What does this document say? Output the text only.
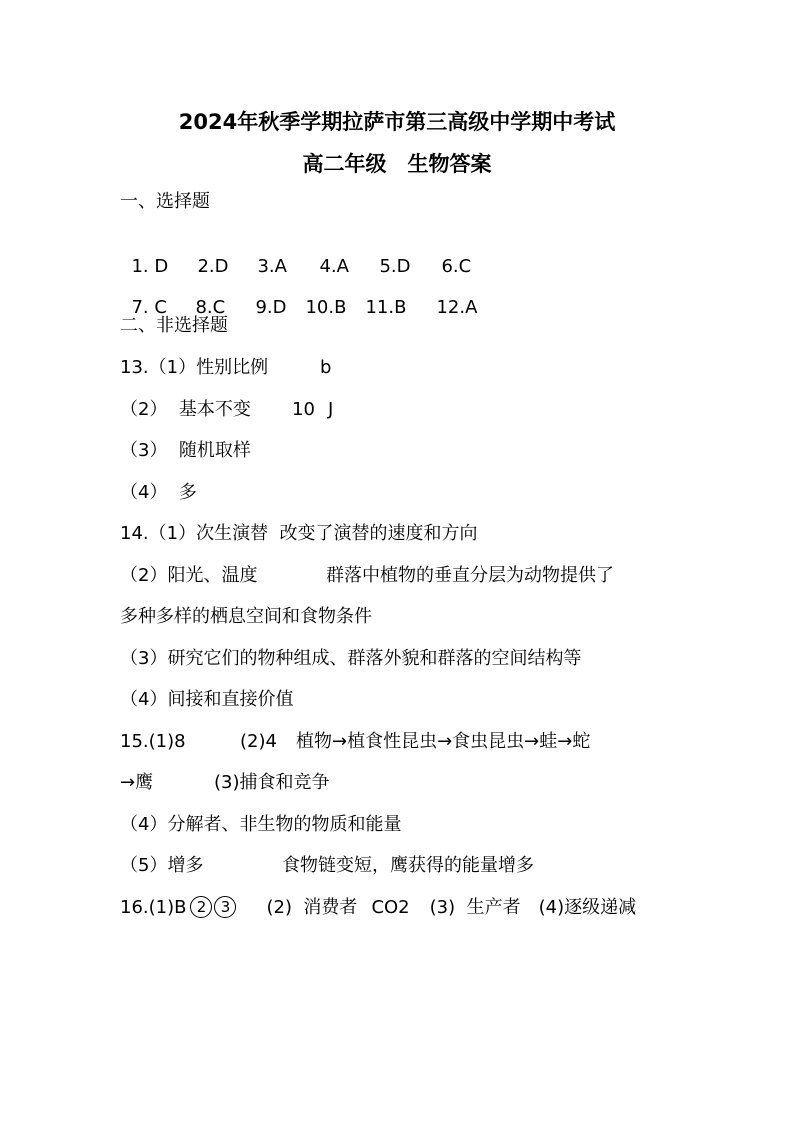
2024年秋季学期拉萨市第三高级中学期中考试
高二年级　生物答案
一、选择题

1. D 2.D 3.A 4.A 5.D 6.C

7. C 8.C 9.D 10.B 11.B 12.A

二、非选择题
13.（1）性别比例	b
（2）  基本不变 10 J
（3）  随机取样
（4）  多
14.（1）次生演替  改变了演替的速度和方向
（2）阳光、温度	群落中植物的垂直分层为动物提供了
多种多样的栖息空间和食物条件
（3）研究它们的物种组成、群落外貌和群落的空间结构等
（4）间接和直接价值
15.(1)8	(2)4 植物→植食性昆虫→食虫昆虫→蛙→蛇
→鹰	(3)捕食和竞争
（4）分解者、非生物的物质和能量
（5）增多	食物链变短，鹰获得的能量增多
16.(1)B 2 3 (2)  消费者 CO2 (3)  生产者 (4)逐级递减
